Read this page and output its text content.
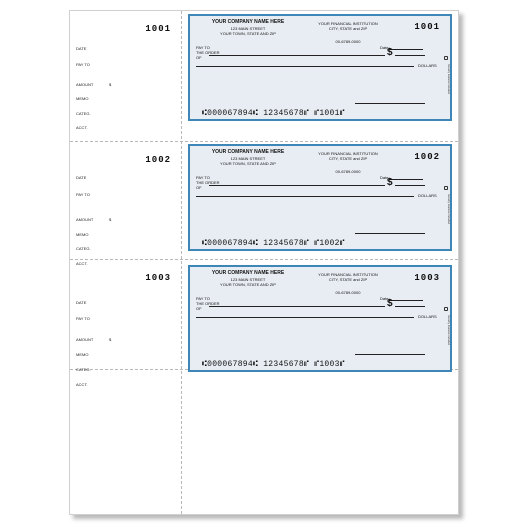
1001
DATE
PAY TO
AMOUNT	$
MEMO
CATEG.
ACCT.
YOUR COMPANY NAME HERE
123 MAIN STREET
YOUR TOWN, STATE AND ZIP
YOUR FINANCIAL INSTITUTION
CITY, STATE and ZIP
00-6789-0000
1001
Date
PAY TO
THE ORDER
OF	$
DOLLARS	Security Features Included
⑆000067894⑆ 12345678⑈ ⑈1001⑈
1002
DATE
PAY TO
AMOUNT	$
MEMO
CATEG.
ACCT.
YOUR COMPANY NAME HERE
123 MAIN STREET
YOUR TOWN, STATE AND ZIP
YOUR FINANCIAL INSTITUTION
CITY, STATE and ZIP
00-6789-0000
1002
Date
PAY TO
THE ORDER
OF	$
DOLLARS	Security Features Included
⑆000067894⑆ 12345678⑈ ⑈1002⑈
1003
DATE
PAY TO
AMOUNT	$
MEMO
CATEG.
ACCT.
YOUR COMPANY NAME HERE
123 MAIN STREET
YOUR TOWN, STATE AND ZIP
YOUR FINANCIAL INSTITUTION
CITY, STATE and ZIP
00-6789-0000
1003
Date
PAY TO
THE ORDER
OF	$
DOLLARS	Security Features Included
⑆000067894⑆ 12345678⑈ ⑈1003⑈
